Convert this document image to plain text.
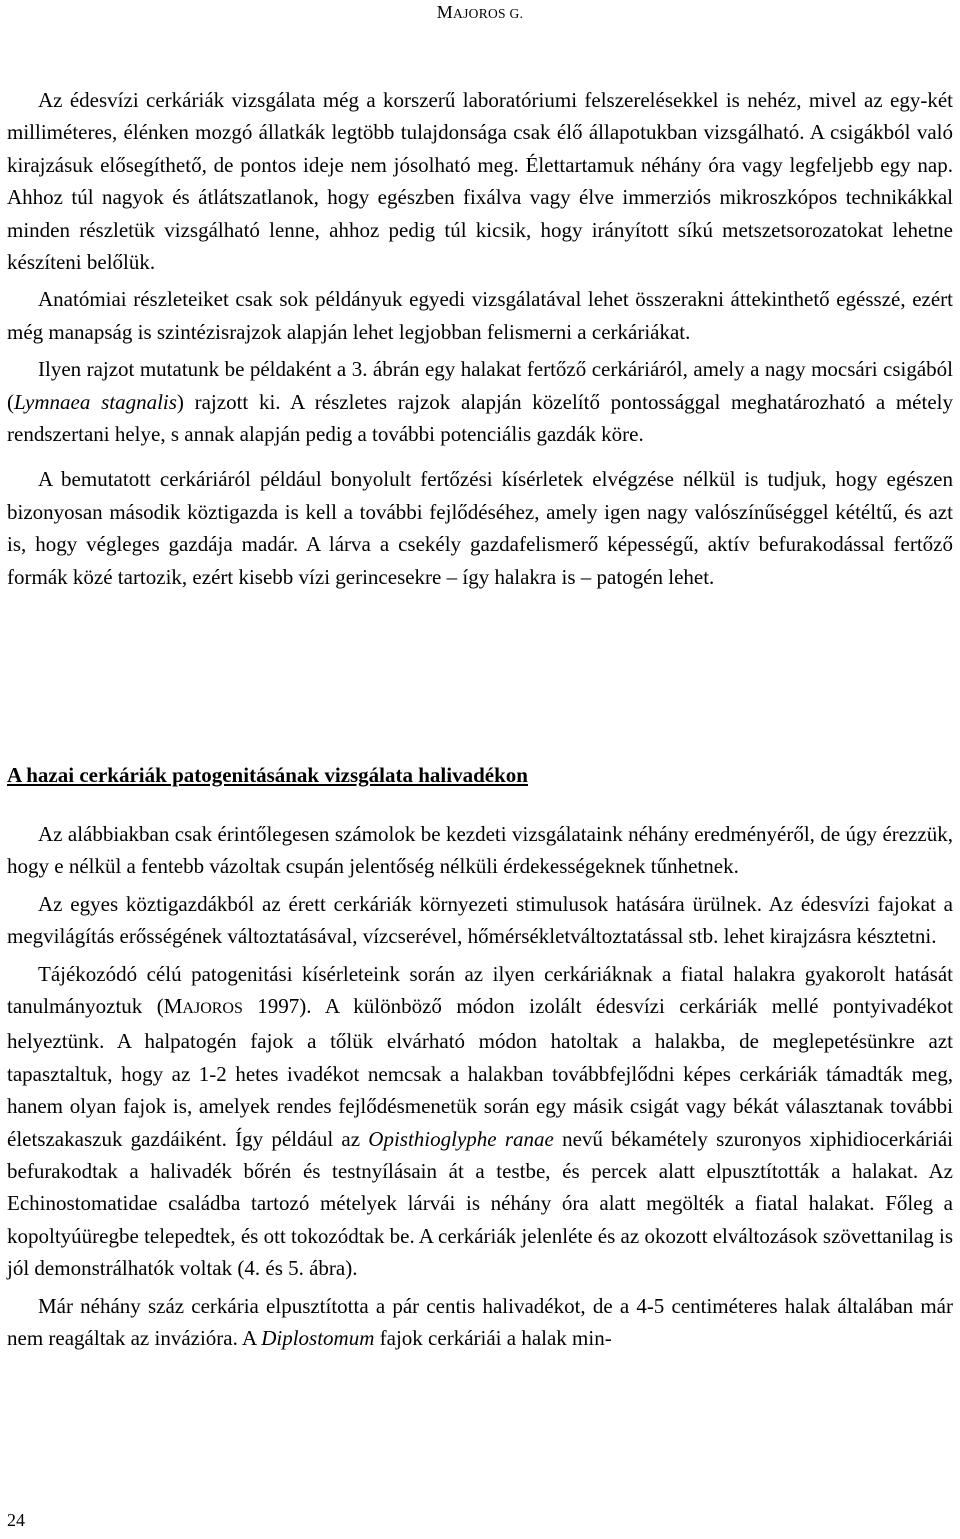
MAJOROS G.

Az édesvízi cerkáriák vizsgálata még a korszerű laboratóriumi felszerelésekkel is nehéz, mivel az egy-két milliméteres, élénken mozgó állatkák legtöbb tulajdonsága csak élő állapotukban vizsgálható. A csigákból való kirajzásuk elősegíthető, de pontos ideje nem jósolható meg. Élettartamuk néhány óra vagy legfeljebb egy nap. Ahhoz túl nagyok és átlátszatlanok, hogy egészben fixálva vagy élve immerziós mikroszkópos technikákkal minden részletük vizsgálható lenne, ahhoz pedig túl kicsik, hogy irányított síkú metszetsorozatokat lehetne készíteni belőlük.

Anatómiai részleteiket csak sok példányuk egyedi vizsgálatával lehet összerakni áttekinthető egésszé, ezért még manapság is szintézisrajzok alapján lehet legjobban felismerni a cerkáriákat.

Ilyen rajzot mutatunk be példaként a 3. ábrán egy halakat fertőző cerkáriáról, amely a nagy mocsári csigából (Lymnaea stagnalis) rajzott ki. A részletes rajzok alapján közelítő pontossággal meghatározható a métely rendszertani helye, s annak alapján pedig a további potenciális gazdák köre.

A bemutatott cerkáriáról például bonyolult fertőzési kísérletek elvégzése nélkül is tudjuk, hogy egészen bizonyosan második köztigazda is kell a további fejlődéséhez, amely igen nagy valószínűséggel kétéltű, és azt is, hogy végleges gazdája madár. A lárva a csekély gazdafelismerő képességű, aktív befurakodással fertőző formák közé tartozik, ezért kisebb vízi gerincesekre – így halakra is – patogén lehet.

A hazai cerkáriák patogenitásának vizsgálata halivadékon

Az alábbiakban csak érintőlegesen számolok be kezdeti vizsgálataink néhány eredményéről, de úgy érezzük, hogy e nélkül a fentebb vázoltak csupán jelentőség nélküli érdekességeknek tűnhetnek.

Az egyes köztigazdákból az érett cerkáriák környezeti stimulusok hatására ürülnek. Az édesvízi fajokat a megvilágítás erősségének változtatásával, vízcserével, hőmérsékletváltoztatással stb. lehet kirajzásra késztetni.

Tájékozódó célú patogenitási kísérleteink során az ilyen cerkáriáknak a fiatal halakra gyakorolt hatását tanulmányoztuk (MAJOROS 1997). A különböző módon izolált édesvízi cerkáriák mellé pontyivadékot helyeztünk. A halpatogén fajok a tőlük elvárható módon hatoltak a halakba, de meglepetésünkre azt tapasztaltuk, hogy az 1-2 hetes ivadékot nemcsak a halakban továbbfejlődni képes cerkáriák támadták meg, hanem olyan fajok is, amelyek rendes fejlődésmenetük során egy másik csigát vagy békát választanak további életszakaszuk gazdáiként. Így például az Opisthioglyphe ranae nevű békamétely szuronyos xiphidiocerkáriái befurakodtak a halivadék bőrén és testnyílásain át a testbe, és percek alatt elpusztították a halakat. Az Echinostomatidae családba tartozó mételyek lárvái is néhány óra alatt megölték a fiatal halakat. Főleg a kopoltyúüregbe telepedtek, és ott tokozódtak be. A cerkáriák jelenléte és az okozott elváltozások szövettanilag is jól demonstrálhatók voltak (4. és 5. ábra).

Már néhány száz cerkária elpusztította a pár centis halivadékot, de a 4-5 centiméteres halak általában már nem reagáltak az invázióra. A Diplostomum fajok cerkáriái a halak min-

24
